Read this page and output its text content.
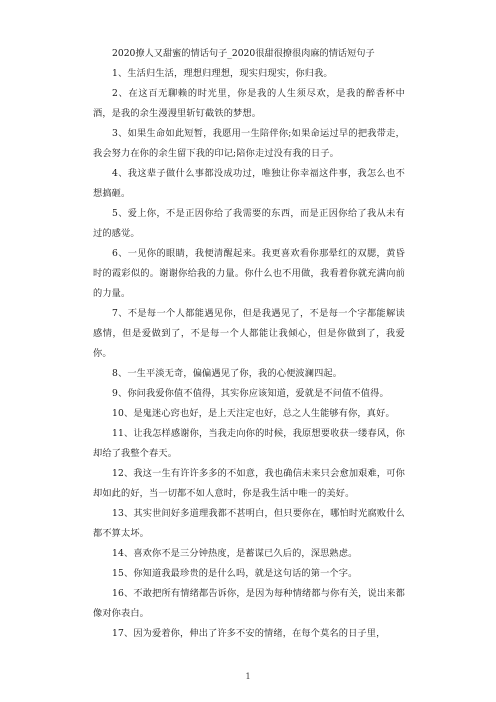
2020撩人又甜蜜的情话句子_2020很甜很撩很肉麻的情话短句子

1、生活归生活，理想归理想，现实归现实，你归我。

2、在这百无聊赖的时光里，你是我的人生须尽欢，是我的醉香杯中酒，是我的余生漫漫里斩钉截铁的梦想。

3、如果生命如此短暂，我愿用一生陪伴你;如果命运过早的把我带走，我会努力在你的余生留下我的印记;陪你走过没有我的日子。

4、我这辈子做什么事都没成功过，唯独让你幸福这件事，我怎么也不想搞砸。

5、爱上你，不是正因你给了我需要的东西，而是正因你给了我从未有过的感觉。

6、一见你的眼睛，我便清醒起来。我更喜欢看你那晕红的双腮，黄昏时的霞彩似的。谢谢你给我的力量。你什么也不用做，我看着你就充满向前的力量。

7、不是每一个人都能遇见你，但是我遇见了，不是每一个字都能解读感情，但是爱做到了，不是每一个人都能让我倾心，但是你做到了，我爱你。

8、一生平淡无奇，偏偏遇见了你，我的心便波澜四起。

9、你问我爱你值不值得，其实你应该知道，爱就是不问值不值得。

10、是鬼迷心窍也好，是上天注定也好，总之人生能够有你，真好。

11、让我怎样感谢你，当我走向你的时候，我原想要收获一缕春风，你却给了我整个春天。

12、我这一生有许许多多的不如意，我也确信未来只会愈加艰难，可你却如此的好，当一切都不如人意时，你是我生活中唯一的美好。

13、其实世间好多道理我都不甚明白，但只要你在，哪怕时光腐败什么都不算太坏。

14、喜欢你不是三分钟热度，是蓄谋已久后的，深思熟虑。

15、你知道我最珍贵的是什么吗，就是这句话的第一个字。

16、不敢把所有情绪都告诉你，是因为每种情绪都与你有关，说出来都像对你表白。

17、因为爱着你，伸出了许多不安的情绪，在每个莫名的日子里，

1
